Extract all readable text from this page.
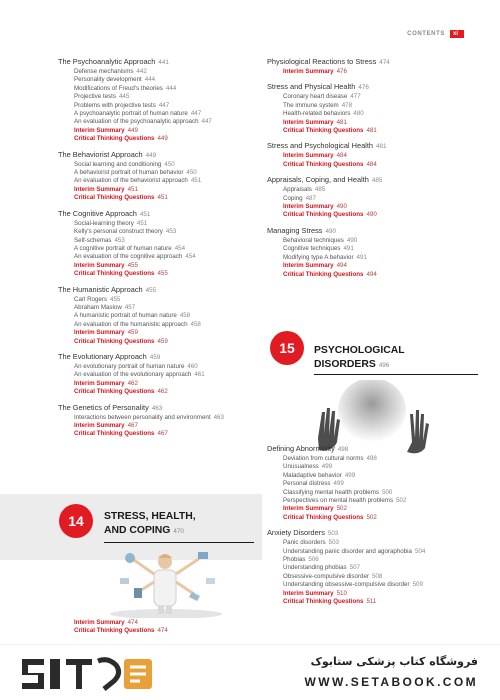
CONTENTS	xi
The Psychoanalytic Approach 441
Defense mechanisms 442
Personality development 444
Modifications of Freud's theories 444
Projective tests 445
Problems with projective tests 447
A psychoanalytic portrait of human nature 447
An evaluation of the psychoanalytic approach 447
Interim Summary 449
Critical Thinking Questions 449
The Behaviorist Approach 449
Social learning and conditioning 450
A behaviorist portrait of human behavior 450
An evaluation of the behaviorist approach 451
Interim Summary 451
Critical Thinking Questions 451
The Cognitive Approach 451
Social-learning theory 451
Kelly's personal construct theory 453
Self-schemas 453
A cognitive portrait of human nature 454
An evaluation of the cognitive approach 454
Interim Summary 455
Critical Thinking Questions 455
The Humanistic Approach 455
Carl Rogers 455
Abraham Maslow 457
A humanistic portrait of human nature 458
An evaluation of the humanistic approach 458
Interim Summary 459
Critical Thinking Questions 459
The Evolutionary Approach 459
An evolutionary portrait of human nature 460
An evaluation of the evolutionary approach 461
Interim Summary 462
Critical Thinking Questions 462
The Genetics of Personality 463
Interactions between personality and environment 463
Interim Summary 467
Critical Thinking Questions 467
14	STRESS, HEALTH,
AND COPING 470
Interim Summary 474
Critical Thinking Questions 474
Physiological Reactions to Stress 474
Interim Summary 476
Stress and Physical Health 476
Coronary heart disease 477
The immune system 478
Health-related behaviors 480
Interim Summary 481
Critical Thinking Questions 481
Stress and Psychological Health 481
Interim Summary 484
Critical Thinking Questions 484
Appraisals, Coping, and Health 485
Appraisals 485
Coping 487
Interim Summary 490
Critical Thinking Questions 490
Managing Stress 490
Behavioral techniques 490
Cognitive techniques 491
Modifying type A behavior 491
Interim Summary 494
Critical Thinking Questions 494
15	PSYCHOLOGICAL
DISORDERS 496
Defining Abnormality 498
Deviation from cultural norms 498
Unusualness 499
Maladaptive behavior 499
Personal distress 499
Classifying mental health problems 500
Perspectives on mental health problems 502
Interim Summary 502
Critical Thinking Questions 502
Anxiety Disorders 503
Panic disorders 503
Understanding panic disorder and agoraphobia 504
Phobias 506
Understanding phobias 507
Obsessive-compulsive disorder 508
Understanding obsessive-compulsive disorder 509
Interim Summary 510
Critical Thinking Questions 511
فروشگاه کتاب پزشکی ستابوک
WWW.SETABOOK.COM
